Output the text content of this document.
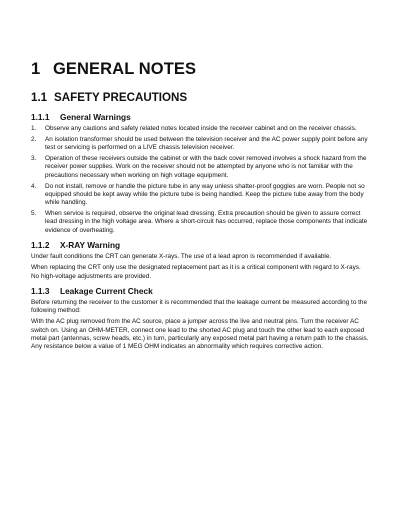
1 GENERAL NOTES
1.1 SAFETY PRECAUTIONS
1.1.1	General Warnings
1.	Observe any cautions and safety related notes located inside the receiver cabinet and on the receiver chassis.
2.	An isolation transformer should be used between the television receiver and the AC power supply point before any test or servicing is performed on a LIVE chassis television receiver.
3.	Operation of these receivers outside the cabinet or with the back cover removed involves a shock hazard from the receiver power supplies. Work on the receiver should not be attempted by anyone who is not familiar with the precautions necessary when working on high voltage equipment.
4.	Do not install, remove or handle the picture tube in any way unless shatter-proof goggles are worn. People not so equipped should be kept away while the picture tube is being handled. Keep the picture tube away from the body while handling.
5.	When service is required, observe the original lead dressing. Extra precaution should be given to assure correct lead dressing in the high voltage area. Where a short-circuit has occurred, replace those components that indicate evidence of overheating.
1.1.2	X-RAY Warning

Under fault conditions the CRT can generate X-rays. The use of a lead apron is recommended if available.

When replacing the CRT only use the designated replacement part as it is a critical component with regard to X-rays. No high-voltage adjustments are provided.

1.1.3	Leakage Current Check

Before returning the receiver to the customer it is recommended that the leakage current be measured according to the following method:

With the AC plug removed from the AC source, place a jumper across the live and neutral pins. Turn the receiver AC switch on. Using an OHM-METER, connect one lead to the shorted AC plug and touch the other lead to each exposed metal part (antennas, screw heads, etc.) in turn, particularly any exposed metal part having a return path to the chassis. Any resistance below a value of 1 MEG OHM indicates an abnormality which requires corrective action.
